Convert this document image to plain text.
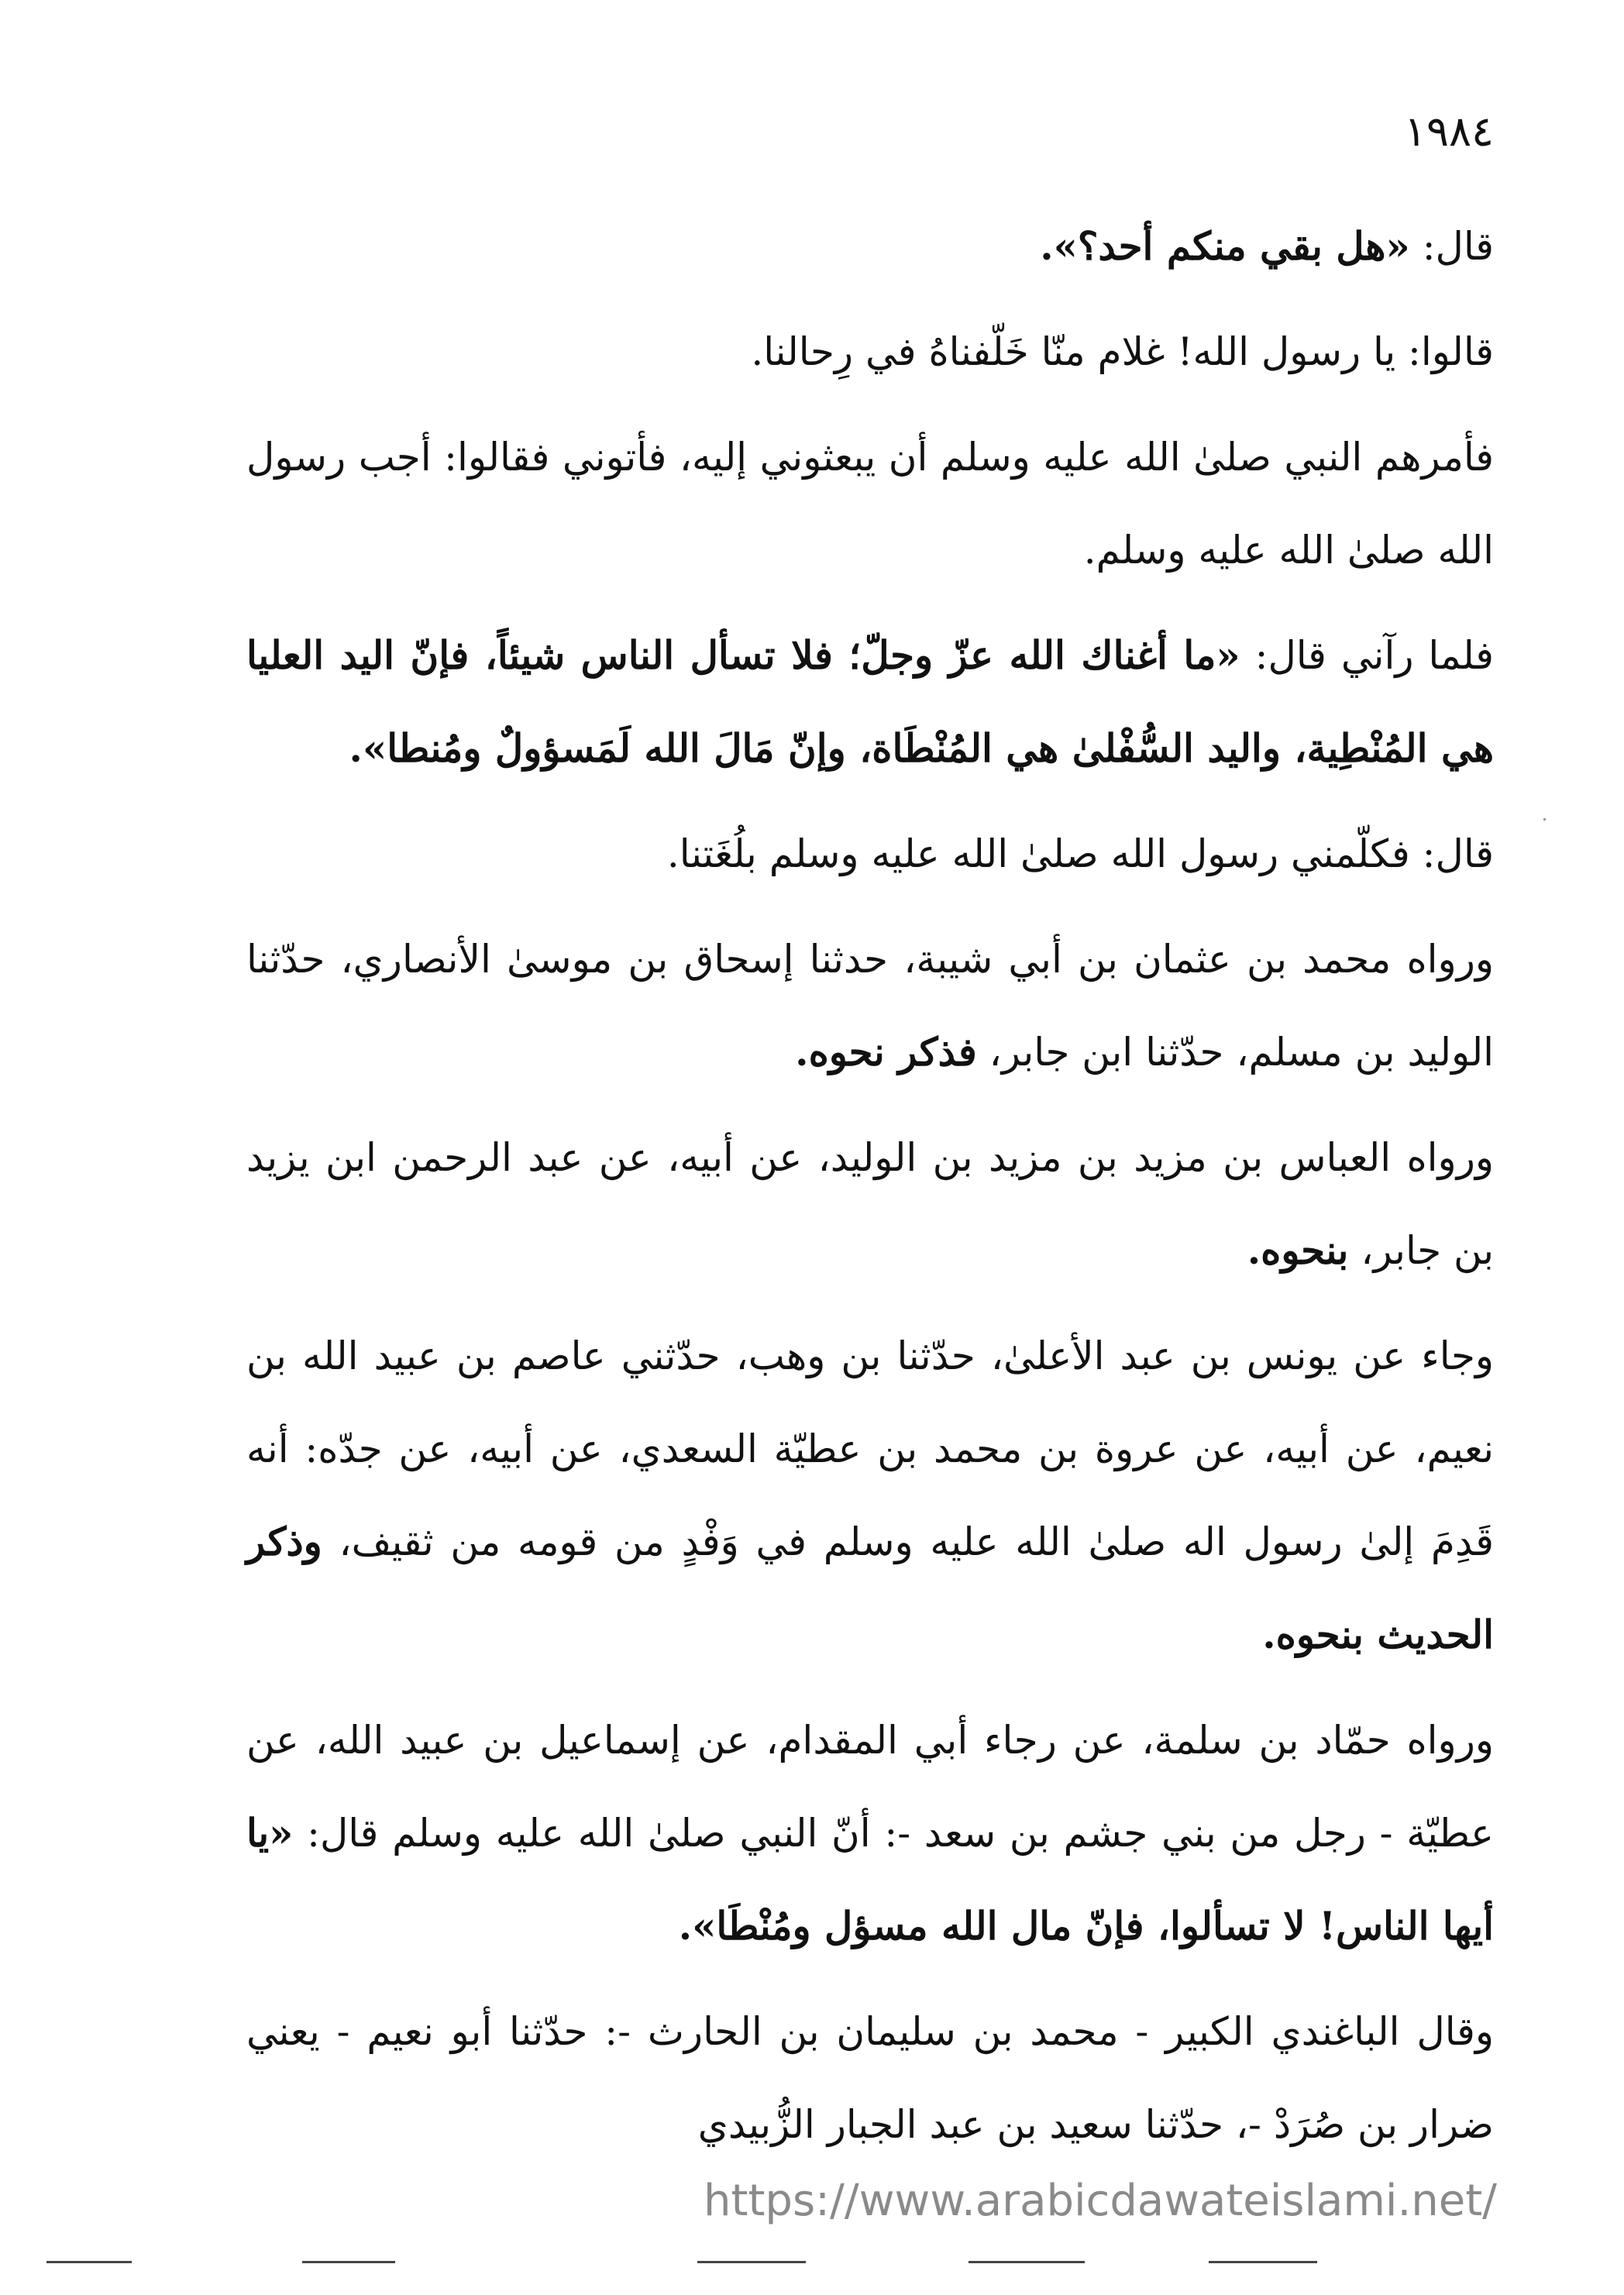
١٩٨٤

قال: «هل بقي منكم أحد؟».

قالوا: يا رسول الله! غلام منّا خَلّفناهُ في رِحالنا.

فأمرهم النبي صلىٰ الله عليه وسلم أن يبعثوني إليه، فأتوني فقالوا: أجب رسول الله صلىٰ الله عليه وسلم.

فلما رآني قال: «ما أغناك الله عزّ وجلّ؛ فلا تسأل الناس شيئاً، فإنّ اليد العليا هي المُنْطِية، واليد السُّفْلىٰ هي المُنْطَاة، وإنّ مَالَ الله لَمَسؤولٌ ومُنطا».

قال: فكلّمني رسول الله صلىٰ الله عليه وسلم بلُغَتنا.

ورواه محمد بن عثمان بن أبي شيبة، حدثنا إسحاق بن موسىٰ الأنصاري، حدّثنا الوليد بن مسلم، حدّثنا ابن جابر، فذكر نحوه.

ورواه العباس بن مزيد بن مزيد بن الوليد، عن أبيه، عن عبد الرحمن ابن يزيد بن جابر، بنحوه.

وجاء عن يونس بن عبد الأعلىٰ، حدّثنا بن وهب، حدّثني عاصم بن عبيد الله بن نعيم، عن أبيه، عن عروة بن محمد بن عطيّة السعدي، عن أبيه، عن جدّه: أنه قَدِمَ إلىٰ رسول اله صلىٰ الله عليه وسلم في وَفْدٍ من قومه من ثقيف، وذكر الحديث بنحوه.

ورواه حمّاد بن سلمة، عن رجاء أبي المقدام، عن إسماعيل بن عبيد الله، عن عطيّة - رجل من بني جشم بن سعد -: أنّ النبي صلىٰ الله عليه وسلم قال: «يا أيها الناس! لا تسألوا، فإنّ مال الله مسؤل ومُنْطَا».

وقال الباغندي الكبير - محمد بن سليمان بن الحارث -: حدّثنا أبو نعيم - يعني ضرار بن صُرَدْ -، حدّثنا سعيد بن عبد الجبار الزُّبيدي

https://www.arabicdawateislami.net/
